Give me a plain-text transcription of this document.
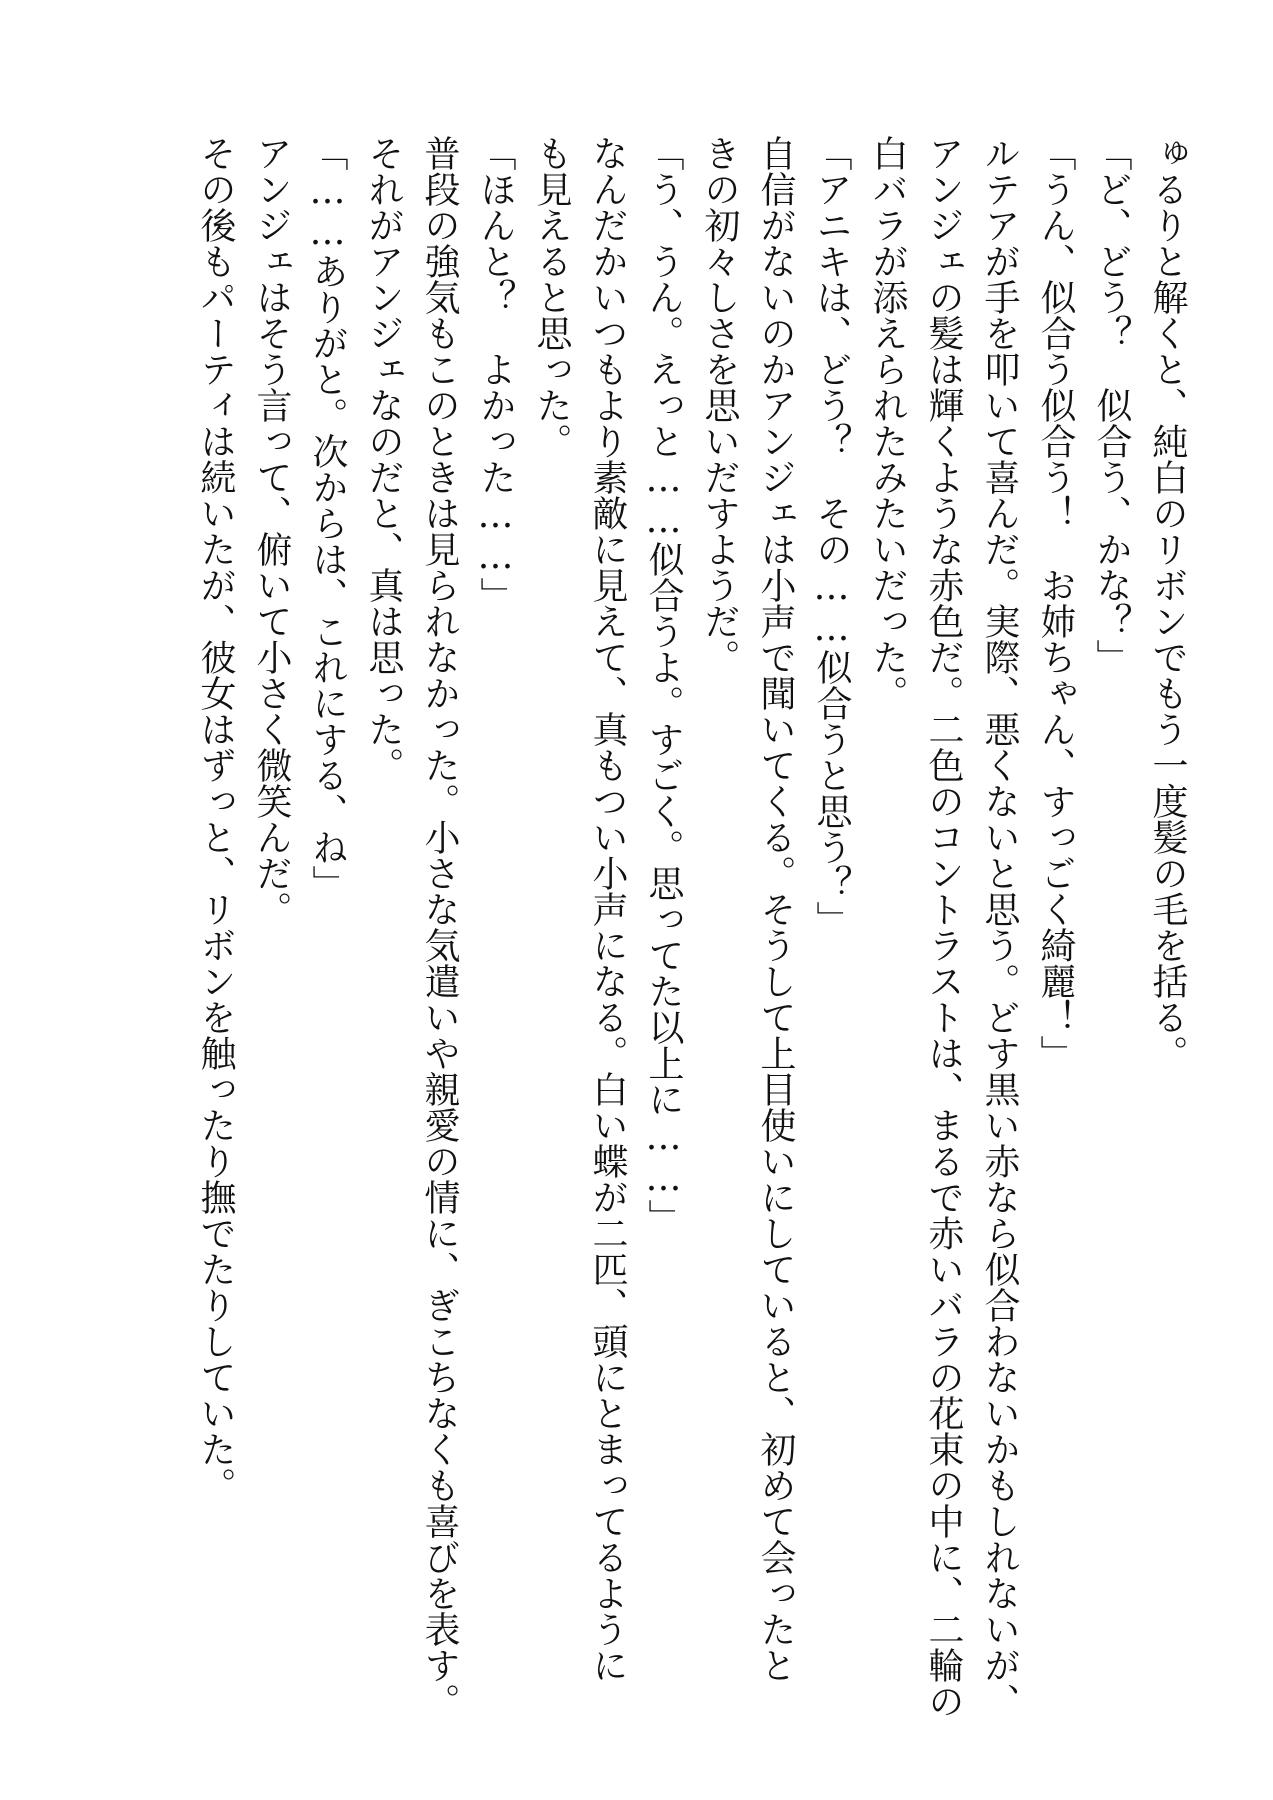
ゅるりと解くと、純白のリボンでもう一度髪の毛を括る。

「ど、どう？　似合う、かな？」

「うん、似合う似合う！　お姉ちゃん、すっごく綺麗！」

ルテアが手を叩いて喜んだ。実際、悪くないと思う。どす黒い赤なら似合わないかもしれないが、

アンジェの髪は輝くような赤色だ。二色のコントラストは、まるで赤いバラの花束の中に、二輪の

白バラが添えられたみたいだった。

「アニキは、どう？　その……似合うと思う？」

自信がないのかアンジェは小声で聞いてくる。そうして上目使いにしていると、初めて会ったと

きの初々しさを思いだすようだ。

「う、うん。えっと……似合うよ。すごく。思ってた以上に……」

なんだかいつもより素敵に見えて、真もつい小声になる。白い蝶が二匹、頭にとまってるように

も見えると思った。

「ほんと？　よかった……」

普段の強気もこのときは見られなかった。小さな気遣いや親愛の情に、ぎこちなくも喜びを表す。

それがアンジェなのだと、真は思った。

「……ありがと。次からは、これにする、ね」

アンジェはそう言って、俯いて小さく微笑んだ。

その後もパーティは続いたが、彼女はずっと、リボンを触ったり撫でたりしていた。
